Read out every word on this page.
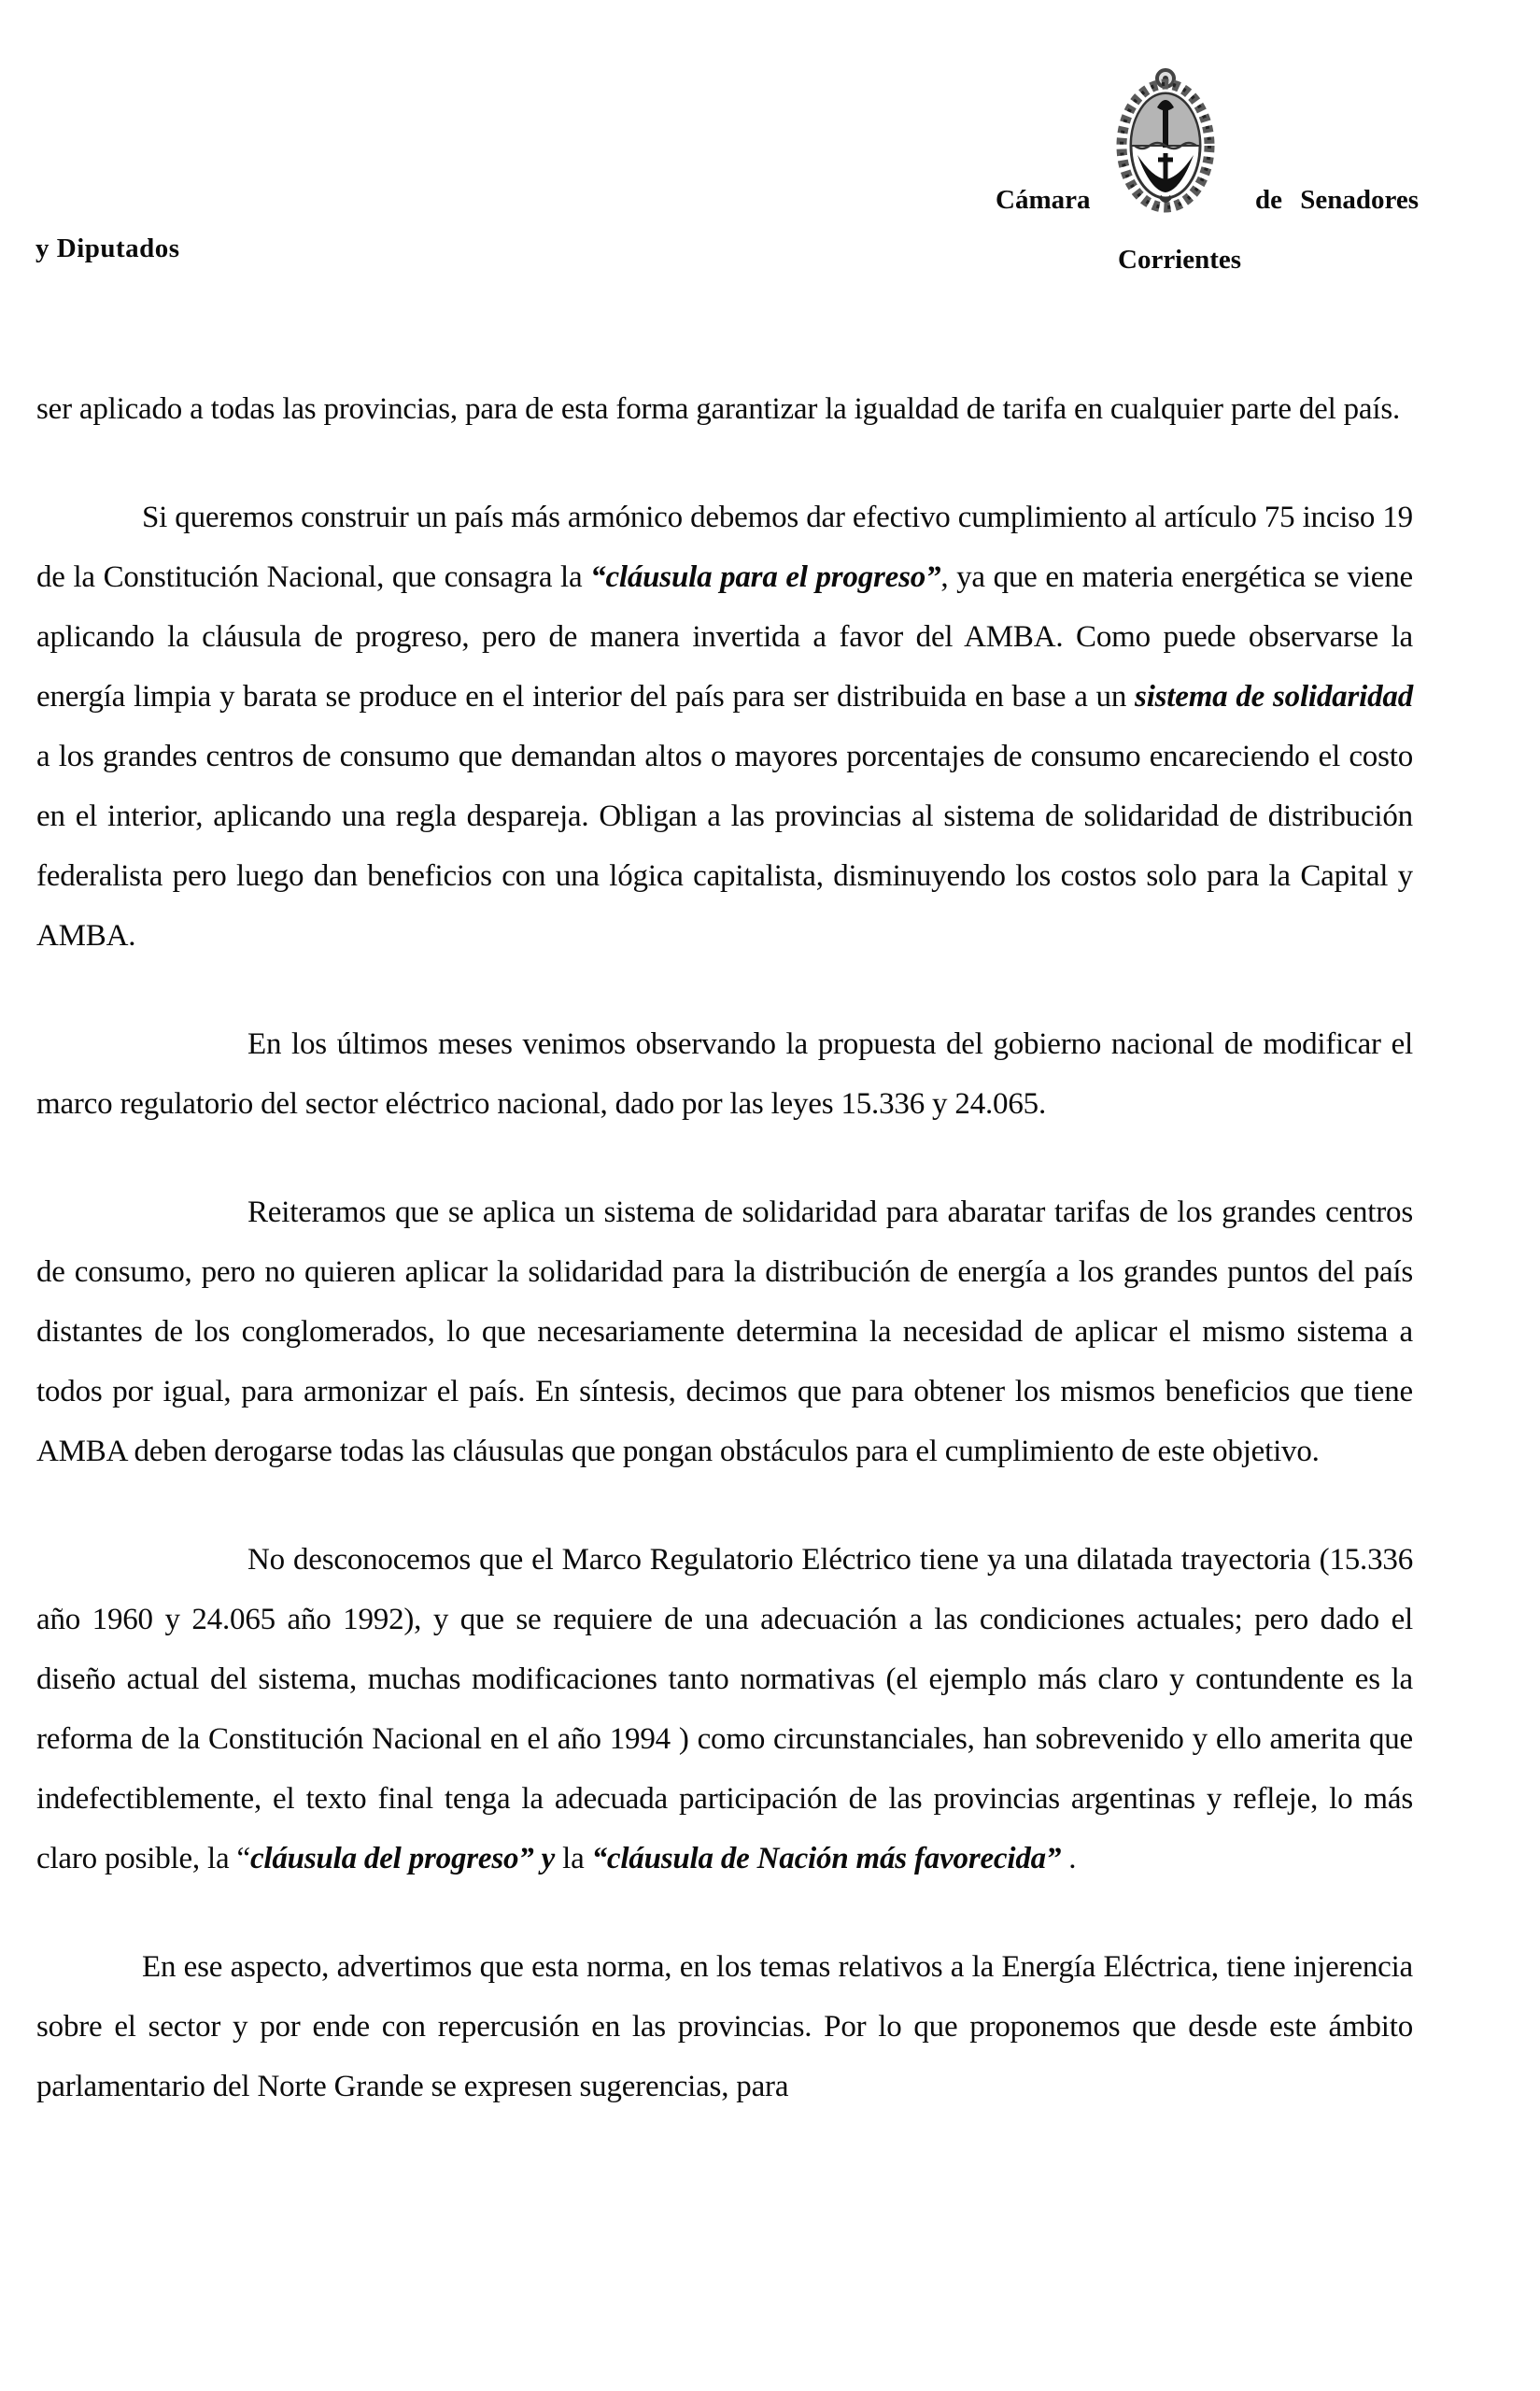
y Diputados
Cámara	de Senadores
Corrientes

ser aplicado a todas las provincias, para de esta forma garantizar la igualdad de tarifa en cualquier parte del país.

Si queremos construir un país más armónico debemos dar efectivo cumplimiento al artículo 75 inciso 19 de la Constitución Nacional, que consagra la “cláusula para el progreso”, ya que en materia energética se viene aplicando la cláusula de progreso, pero de manera invertida a favor del AMBA. Como puede observarse la energía limpia y barata se produce en el interior del país para ser distribuida en base a un sistema de solidaridad a los grandes centros de consumo que demandan altos o mayores porcentajes de consumo encareciendo el costo en el interior, aplicando una regla despareja. Obligan a las provincias al sistema de solidaridad de distribución federalista pero luego dan beneficios con una lógica capitalista, disminuyendo los costos solo para la Capital y AMBA.

En los últimos meses venimos observando la propuesta del gobierno nacional de modificar el marco regulatorio del sector eléctrico nacional, dado por las leyes 15.336 y 24.065.

Reiteramos que se aplica un sistema de solidaridad para abaratar tarifas de los grandes centros de consumo, pero no quieren aplicar la solidaridad para la distribución de energía a los grandes puntos del país distantes de los conglomerados, lo que necesariamente determina la necesidad de aplicar el mismo sistema a todos por igual, para armonizar el país. En síntesis, decimos que para obtener los mismos beneficios que tiene AMBA deben derogarse todas las cláusulas que pongan obstáculos para el cumplimiento de este objetivo.

No desconocemos que el Marco Regulatorio Eléctrico tiene ya una dilatada trayectoria (15.336 año 1960 y 24.065 año 1992), y que se requiere de una adecuación a las condiciones actuales; pero dado el diseño actual del sistema, muchas modificaciones tanto normativas (el ejemplo más claro y contundente es la reforma de la Constitución Nacional en el año 1994 ) como circunstanciales, han sobrevenido y ello amerita que indefectiblemente, el texto final tenga la adecuada participación de las provincias argentinas y refleje, lo más claro posible, la “cláusula del progreso” y la “cláusula de Nación más favorecida” .

En ese aspecto, advertimos que esta norma, en los temas relativos a la Energía Eléctrica, tiene injerencia sobre el sector y por ende con repercusión en las provincias. Por lo que proponemos que desde este ámbito parlamentario del Norte Grande se expresen sugerencias, para
